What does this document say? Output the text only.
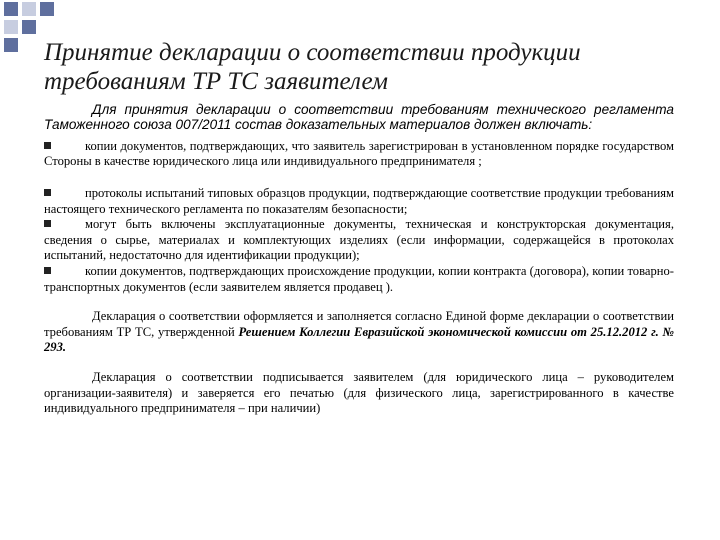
Принятие декларации о соответствии продукции
требованиям ТР ТС заявителем

Для принятия декларации о соответствии требованиям технического регламента Таможенного союза 007/2011 состав доказательных материалов должен включать:

копии документов, подтверждающих, что заявитель зарегистрирован в установленном порядке государством Стороны в качестве юридического лица или индивидуального предпринимателя ;

протоколы испытаний типовых образцов продукции, подтверждающие соответствие продукции требованиям настоящего технического регламента по показателям безопасности;

могут быть включены эксплуатационные документы, техническая и конструкторская документация, сведения о сырье, материалах и комплектующих изделиях (если информации, содержащейся в протоколах испытаний, недостаточно для идентификации продукции);

копии документов, подтверждающих происхождение продукции, копии контракта (договора), копии товарно-транспортных документов (если заявителем является продавец ).

Декларация о соответствии оформляется и заполняется согласно Единой форме декларации о соответствии требованиям ТР ТС, утвержденной Решением Коллегии Евразийской экономической комиссии от 25.12.2012 г. № 293.

Декларация о соответствии подписывается заявителем (для юридического лица – руководителем организации-заявителя) и заверяется его печатью (для физического лица, зарегистрированного в качестве индивидуального предпринимателя – при наличии)
